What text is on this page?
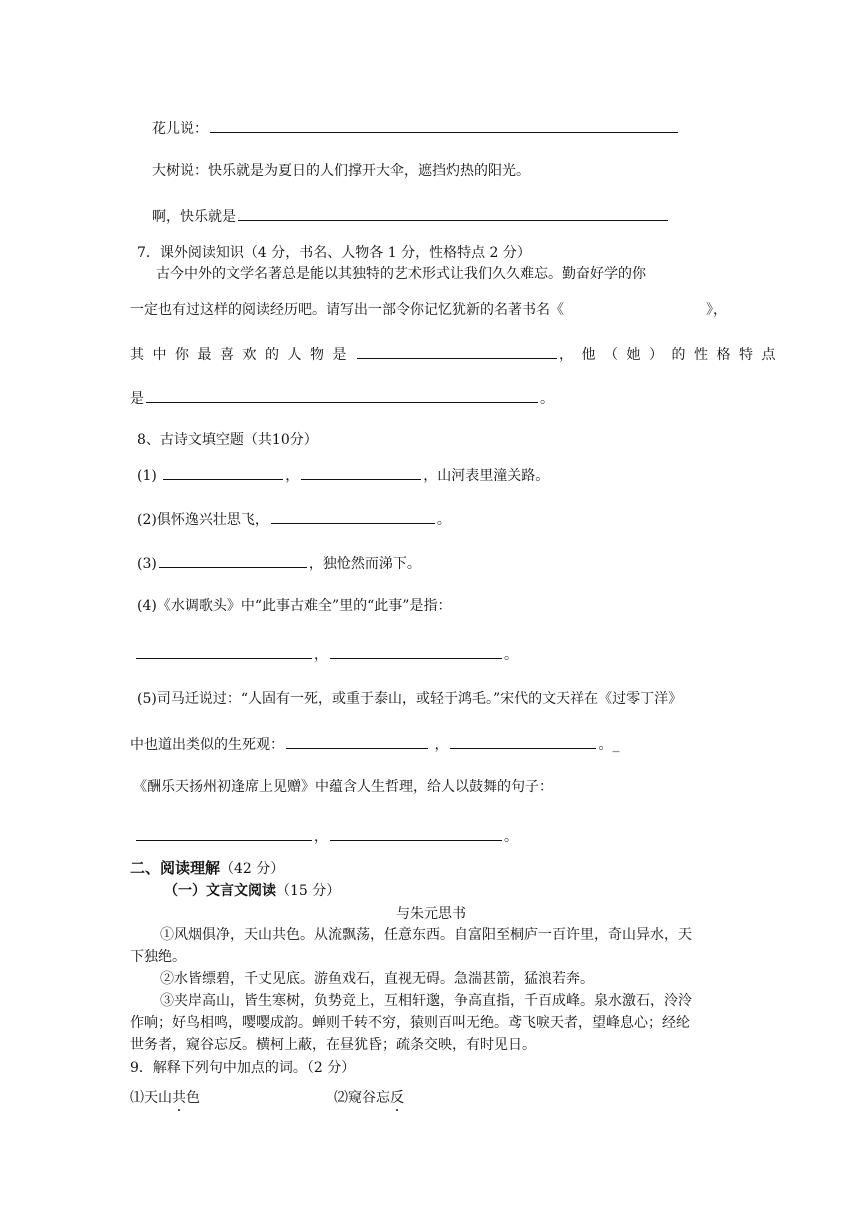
花儿说：
大树说：快乐就是为夏日的人们撑开大伞，遮挡灼热的阳光。
啊，快乐就是
7．课外阅读知识（4 分，书名、人物各 1 分，性格特点 2 分）
古今中外的文学名著总是能以其独特的艺术形式让我们久久难忘。勤奋好学的你
一定也有过这样的阅读经历吧。请写出一部令你记忆犹新的名著书名《	》，
其中你最喜欢的人物是	，他（她）的性格特点
是	。
8、古诗文填空题（共10分）
(1)	，	，山河表里潼关路。
(2)俱怀逸兴壮思飞，	。
(3)	，独怆然而涕下。
(4)《水调歌头》中“此事古难全”里的“此事”是指：
，	。
(5)司马迁说过：“人固有一死，或重于泰山，或轻于鸿毛。”宋代的文天祥在《过零丁洋》
中也道出类似的生死观：	，	。_
《酬乐天扬州初逢席上见赠》中蕴含人生哲理，给人以鼓舞的句子：
，	。
二、阅读理解（42 分）
（一）文言文阅读（15 分）
与朱元思书
①风烟俱净，天山共色。从流飘荡，任意东西。自富阳至桐庐一百许里，奇山异水，天
下独绝。
②水皆缥碧，千丈见底。游鱼戏石，直视无碍。急湍甚箭，猛浪若奔。
③夹岸高山，皆生寒树，负势竞上，互相轩邈，争高直指，千百成峰。泉水激石，泠泠
作响；好鸟相鸣，嘤嘤成韵。蝉则千转不穷，猿则百叫无绝。鸢飞唳天者，望峰息心；经纶
世务者，窥谷忘反。横柯上蔽，在昼犹昏；疏条交映，有时见日。
9．解释下列句中加点的词。（2 分）
⑴天山共色	⑵窥谷忘反
